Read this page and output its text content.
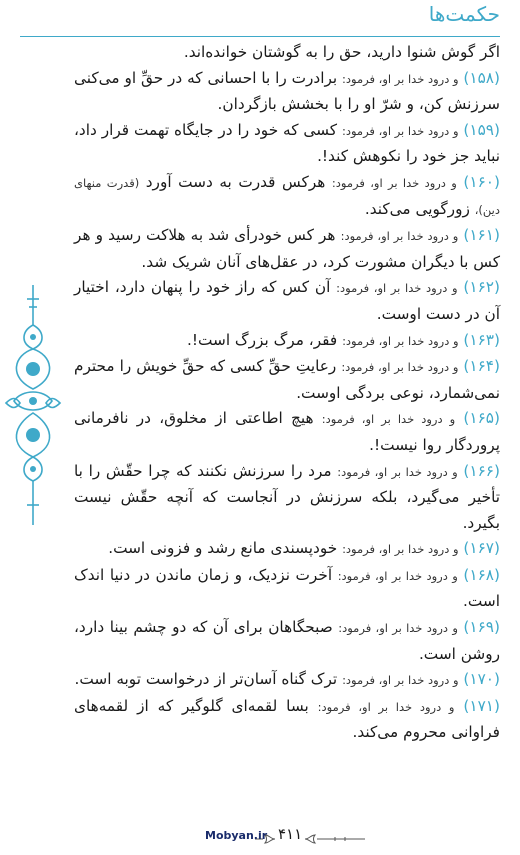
حکمت‌ها

اگر گوش شنوا دارید، حق را به گوشتان خوانده‌اند.

(۱۵۸) و درود خدا بر او، فرمود: برادرت را با احسانی که در حقِّ او می‌کنی سرزنش کن، و شرّ او را با بخشش بازگردان.

(۱۵۹) و درود خدا بر او، فرمود: کسی که خود را در جایگاه تهمت قرار داد، نباید جز خود را نکوهش کند!.

(۱۶۰) و درود خدا بر او، فرمود: هرکس قدرت به دست آورد (قدرت منهای دین)، زورگویی می‌کند.

(۱۶۱) و درود خدا بر او، فرمود: هر کس خودرأی شد به هلاکت رسید و هر کس با دیگران مشورت کرد، در عقل‌های آنان شریک شد.

(۱۶۲) و درود خدا بر او، فرمود: آن کس که راز خود را پنهان دارد، اختیار آن در دست اوست.

(۱۶۳) و درود خدا بر او، فرمود: فقر، مرگ بزرگ است!.

(۱۶۴) و درود خدا بر او، فرمود: رعایتِ حقِّ کسی که حقِّ خویش را محترم نمی‌شمارد، نوعی بردگی اوست.

(۱۶۵) و درود خدا بر او، فرمود: هیچ اطاعتی از مخلوق، در نافرمانی پروردگار روا نیست!.

(۱۶۶) و درود خدا بر او، فرمود: مرد را سرزنش نکنند که چرا حقّش را با تأخیر می‌گیرد، بلکه سرزنش در آنجاست که آنچه حقّش نیست بگیرد.

(۱۶۷) و درود خدا بر او، فرمود: خودپسندی مانع رشد و فزونی است.

(۱۶۸) و درود خدا بر او، فرمود: آخرت نزدیک، و زمان ماندن در دنیا اندک است.

(۱۶۹) و درود خدا بر او، فرمود: صبحگاهان برای آن که دو چشم بینا دارد، روشن است.

(۱۷۰) و درود خدا بر او، فرمود: ترک گناه آسان‌تر از درخواست توبه است.

(۱۷۱) و درود خدا بر او، فرمود: بسا لقمه‌ای گلوگیر که از لقمه‌های فراوانی محروم می‌کند.

Mobyan.ir ۴۱۱
